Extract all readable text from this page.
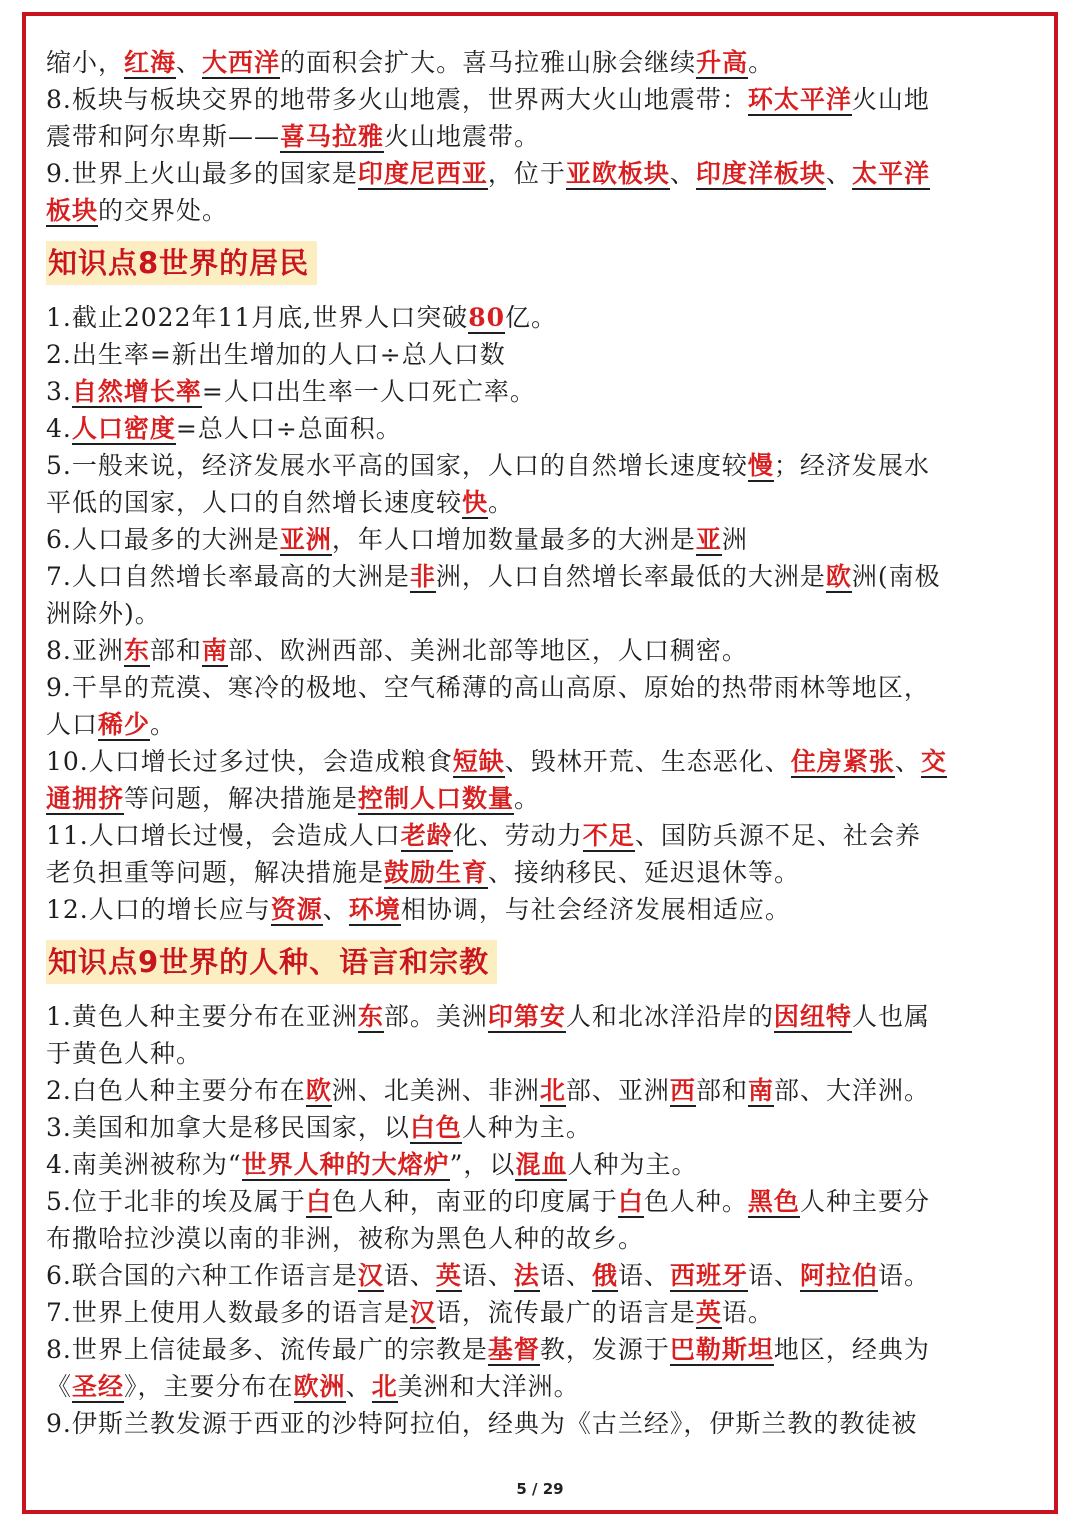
缩小，红海、大西洋的面积会扩大。喜马拉雅山脉会继续升高。
8.板块与板块交界的地带多火山地震，世界两大火山地震带：环太平洋火山地
震带和阿尔卑斯——喜马拉雅火山地震带。
9.世界上火山最多的国家是印度尼西亚，位于亚欧板块、印度洋板块、太平洋
板块的交界处。
知识点8世界的居民
1.截止2022年11月底,世界人口突破80亿。
2.出生率=新出生增加的人口÷总人口数
3.自然增长率=人口出生率一人口死亡率。
4.人口密度=总人口÷总面积。
5.一般来说，经济发展水平高的国家，人口的自然增长速度较慢；经济发展水
平低的国家，人口的自然增长速度较快。
6.人口最多的大洲是亚洲，年人口增加数量最多的大洲是亚洲
7.人口自然增长率最高的大洲是非洲，人口自然增长率最低的大洲是欧洲(南极
洲除外)。
8.亚洲东部和南部、欧洲西部、美洲北部等地区，人口稠密。
9.干旱的荒漠、寒冷的极地、空气稀薄的高山高原、原始的热带雨林等地区，
人口稀少。
10.人口增长过多过快，会造成粮食短缺、毁林开荒、生态恶化、住房紧张、交
通拥挤等问题，解决措施是控制人口数量。
11.人口增长过慢，会造成人口老龄化、劳动力不足、国防兵源不足、社会养
老负担重等问题，解决措施是鼓励生育、接纳移民、延迟退休等。
12.人口的增长应与资源、环境相协调，与社会经济发展相适应。
知识点9世界的人种、语言和宗教
1.黄色人种主要分布在亚洲东部。美洲印第安人和北冰洋沿岸的因纽特人也属
于黄色人种。
2.白色人种主要分布在欧洲、北美洲、非洲北部、亚洲西部和南部、大洋洲。
3.美国和加拿大是移民国家，以白色人种为主。
4.南美洲被称为“世界人种的大熔炉”，以混血人种为主。
5.位于北非的埃及属于白色人种，南亚的印度属于白色人种。黑色人种主要分
布撒哈拉沙漠以南的非洲，被称为黑色人种的故乡。
6.联合国的六种工作语言是汉语、英语、法语、俄语、西班牙语、阿拉伯语。
7.世界上使用人数最多的语言是汉语，流传最广的语言是英语。
8.世界上信徒最多、流传最广的宗教是基督教，发源于巴勒斯坦地区，经典为
《圣经》，主要分布在欧洲、北美洲和大洋洲。
9.伊斯兰教发源于西亚的沙特阿拉伯，经典为《古兰经》，伊斯兰教的教徒被
5 / 29
